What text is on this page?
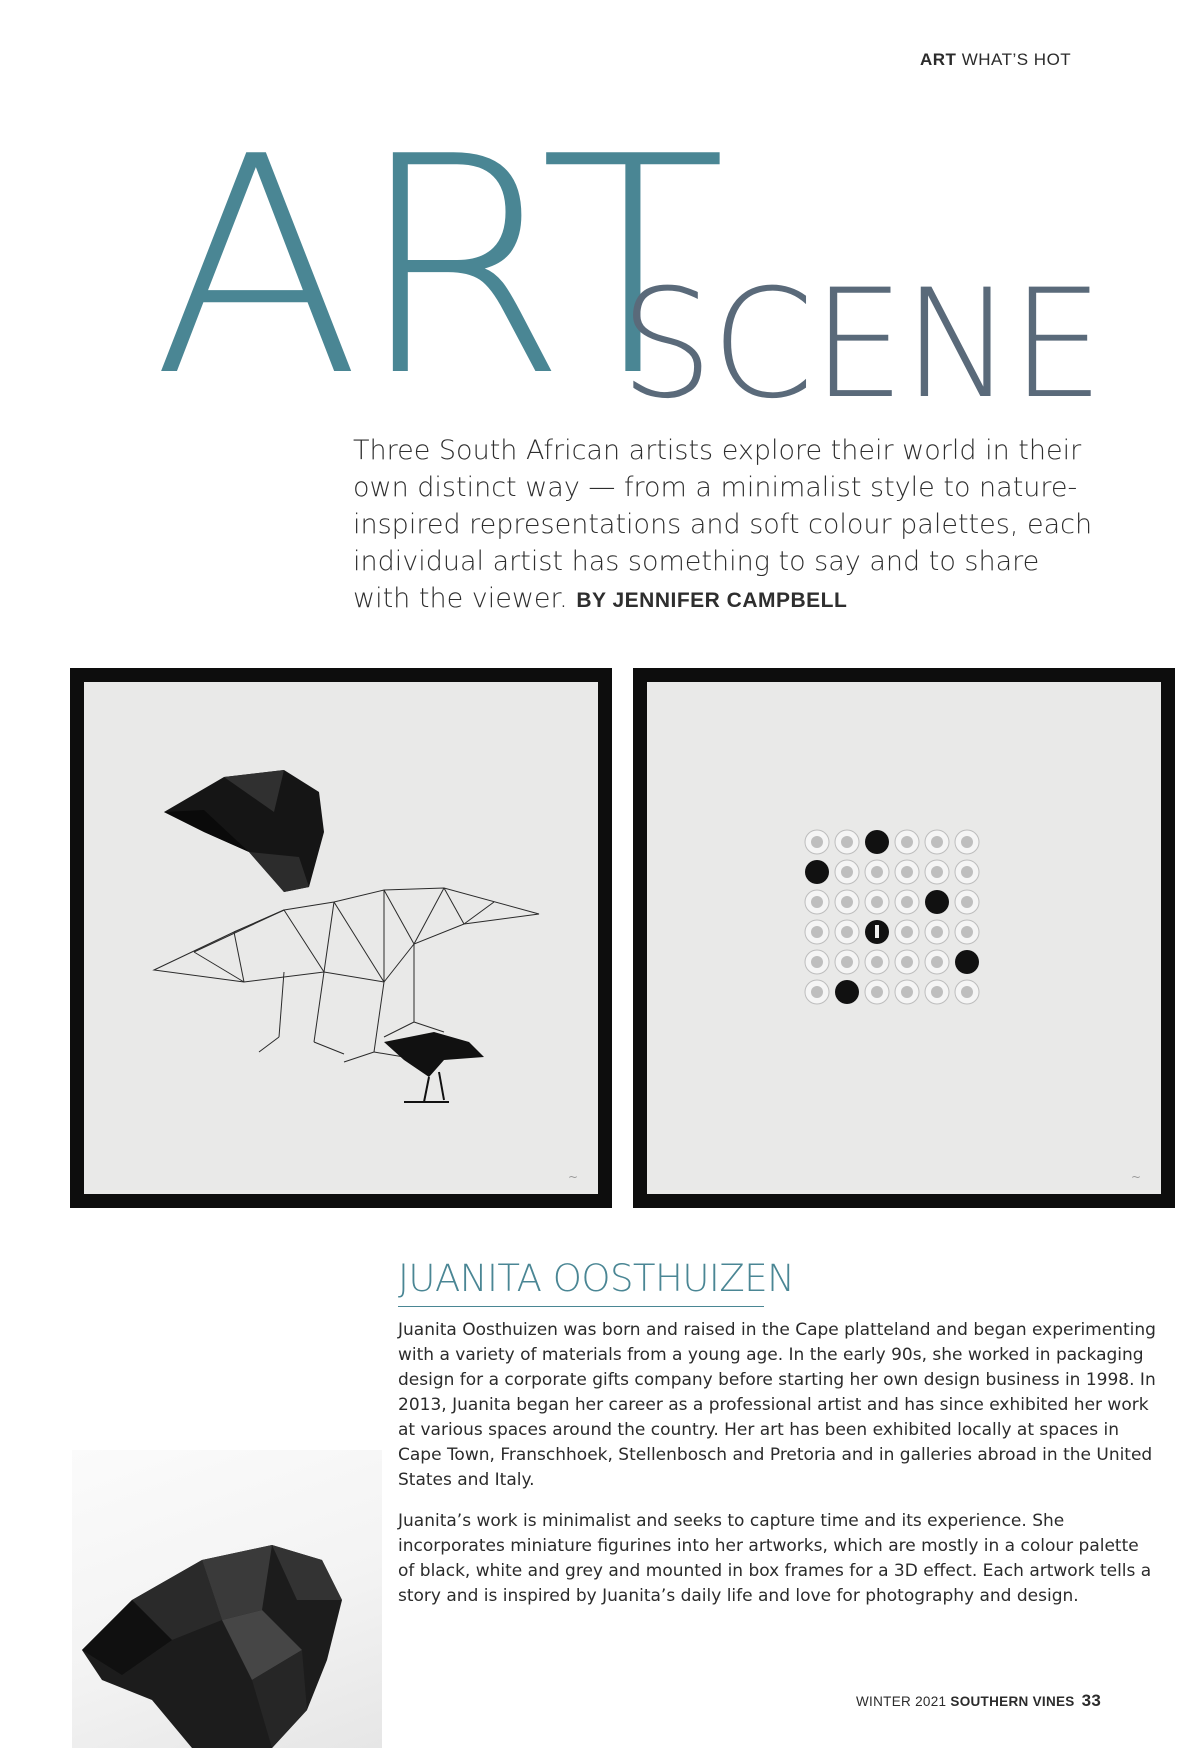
ART WHAT’S HOT
ART
SCENE
Three South African artists explore their world in their own distinct way — from a minimalist style to nature-inspired representations and soft colour palettes, each individual artist has something to say and to share with the viewer. BY JENNIFER CAMPBELL
~	~
JUANITA OOSTHUIZEN

Juanita Oosthuizen was born and raised in the Cape platteland and began experimenting with a variety of materials from a young age. In the early 90s, she worked in packaging design for a corporate gifts company before starting her own design business in 1998. In 2013, Juanita began her career as a professional artist and has since exhibited her work at various spaces around the country. Her art has been exhibited locally at spaces in Cape Town, Franschhoek, Stellenbosch and Pretoria and in galleries abroad in the United States and Italy.

Juanita’s work is minimalist and seeks to capture time and its experience. She incorporates miniature figurines into her artworks, which are mostly in a colour palette of black, white and grey and mounted in box frames for a 3D effect. Each artwork tells a story and is inspired by Juanita’s daily life and love for photography and design.

WINTER 2021 SOUTHERN VINES 33
